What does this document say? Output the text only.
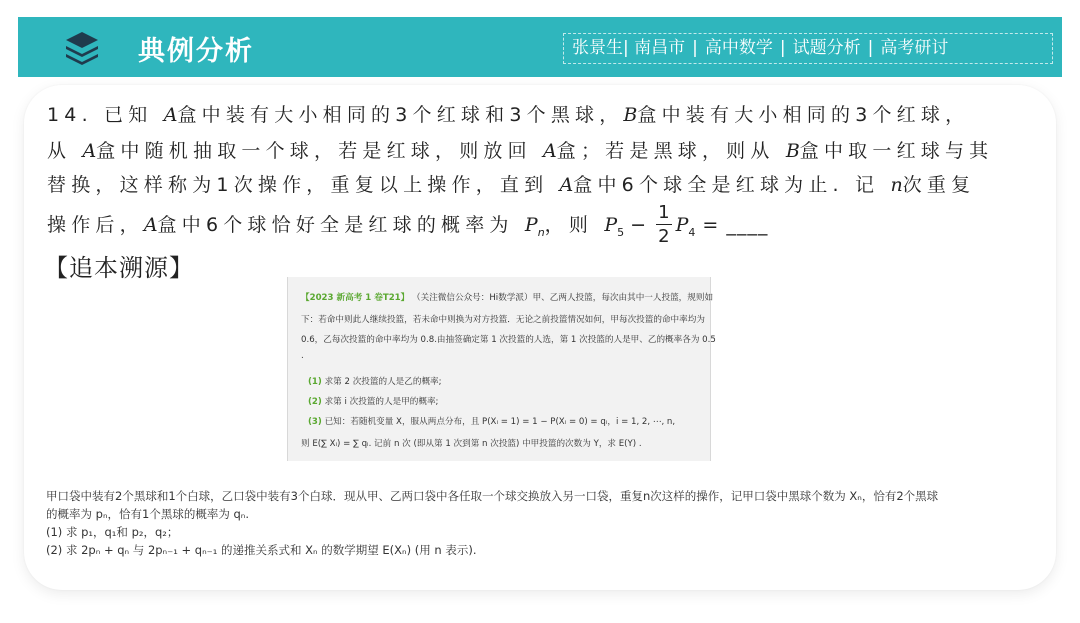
典例分析	张景生| 南昌市 | 高中数学 | 试题分析 | 高考研讨
14. 已知 A盒中装有大小相同的3个红球和3个黑球，B盒中装有大小相同的3个红球，
从 A盒中随机抽取一个球，若是红球，则放回 A盒；若是黑球，则从 B盒中取一红球与其
替换，这样称为1次操作，重复以上操作，直到 A盒中6个球全是红球为止. 记 n次重复
操作后，A盒中6个球恰好全是红球的概率为 $P_n$，则 $P_5 - \frac{1}{2} P_4$ = ____
【追本溯源】
【2023 新高考 1 卷T21】 （关注微信公众号：Hi数学派）甲、乙两人投篮，每次由其中一人投篮，规则如
下：若命中则此人继续投篮，若未命中则换为对方投篮．无论之前投篮情况如何，甲每次投篮的命中率均为
0.6，乙每次投篮的命中率均为 0.8.由抽签确定第 1 次投篮的人选，第 1 次投篮的人是甲、乙的概率各为 0.5
.
(1) 求第 2 次投篮的人是乙的概率;
(2) 求第 i 次投篮的人是甲的概率;
(3) 已知：若随机变量 X，服从两点分布，且 P(Xᵢ = 1) = 1 − P(Xᵢ = 0) = qᵢ，i = 1, 2, ⋯, n,
则 E(∑ Xᵢ) = ∑ qᵢ. 记前 n 次 (即从第 1 次到第 n 次投篮) 中甲投篮的次数为 Y，求 E(Y) .
甲口袋中装有2个黑球和1个白球，乙口袋中装有3个白球．现从甲、乙两口袋中各任取一个球交换放入另一口袋，重复n次这样的操作，记甲口袋中黑球个数为 Xₙ，恰有2个黑球
的概率为 pₙ，恰有1个黑球的概率为 qₙ.
(1) 求 p₁，q₁和 p₂，q₂；
(2) 求 2pₙ + qₙ 与 2pₙ₋₁ + qₙ₋₁ 的递推关系式和 Xₙ 的数学期望 E(Xₙ) (用 n 表示).
